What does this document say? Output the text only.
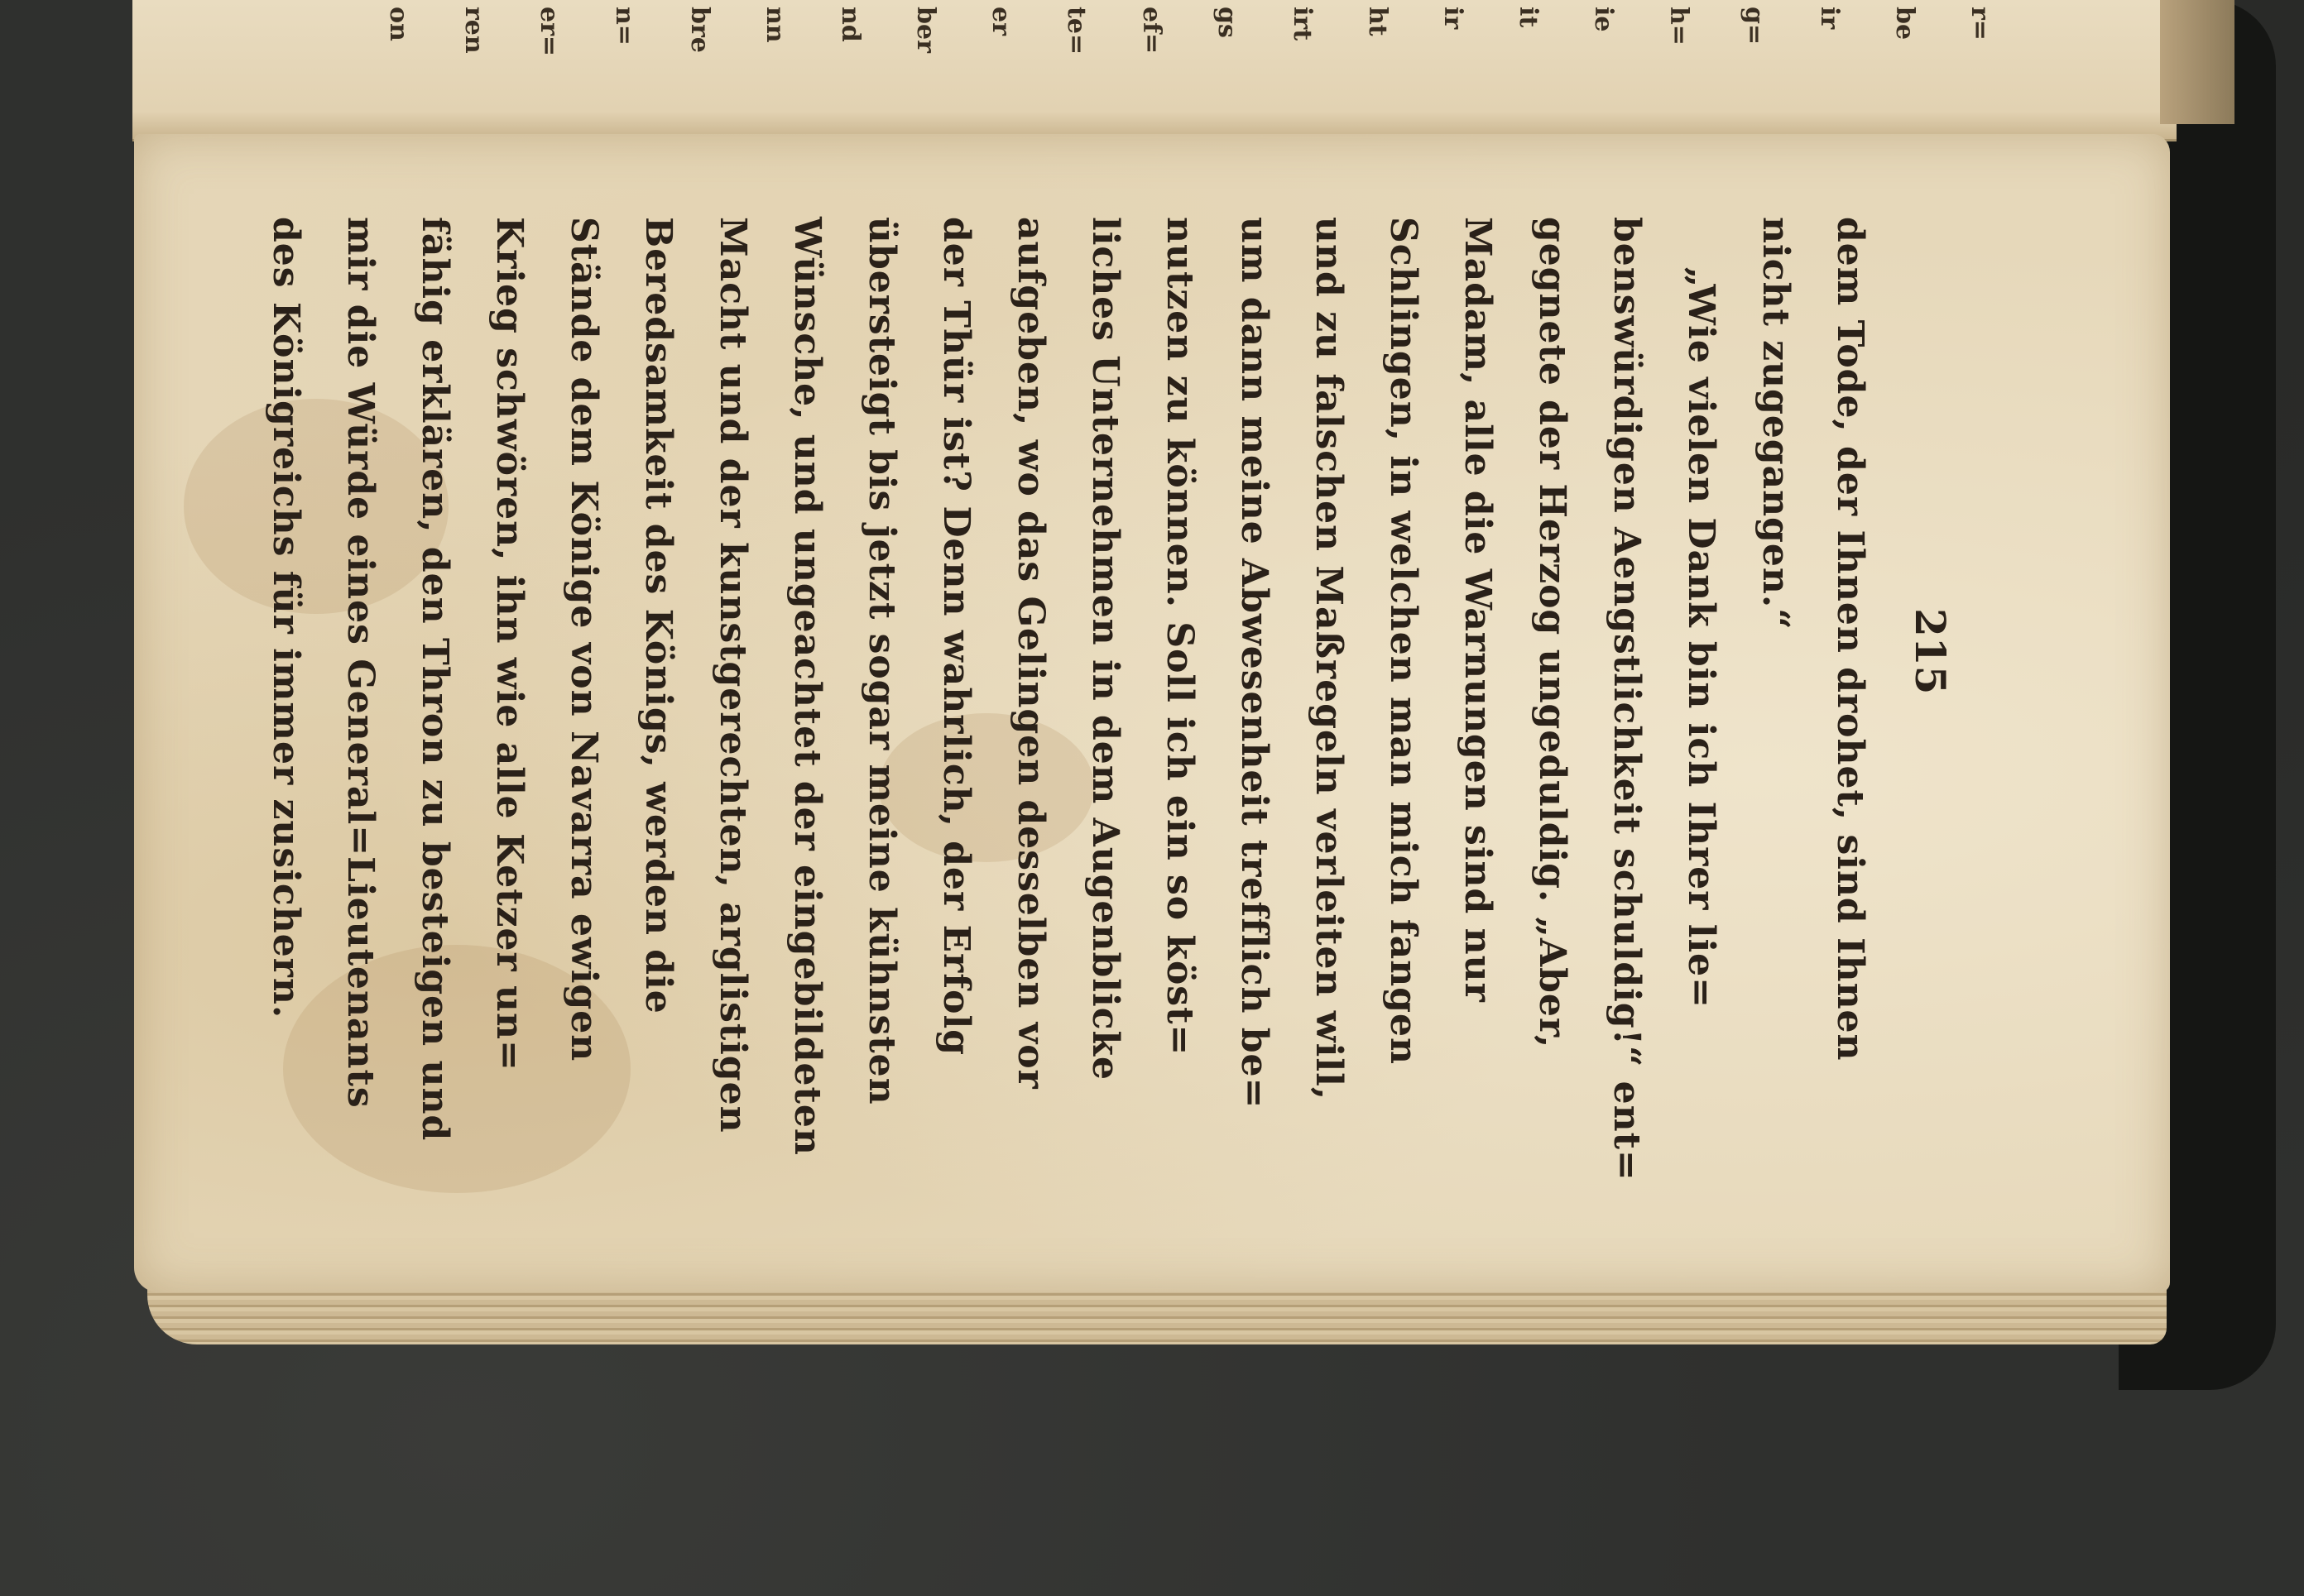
r=
be
ir
g=
h=
ie
it
ir
ht
irt
gs
ef=
te=
er
ber
nd
nn
bre
n=
er=
ren
on
dem Tode, der Ihnen drohet, sind Ihnen
nicht zugegangen.“
„Wie vielen Dank bin ich Ihrer lie=
benswürdigen Aengstlichkeit schuldig!“ ent=
gegnete der Herzog ungeduldig. „Aber,
Madam, alle die Warnungen sind nur
Schlingen, in welchen man mich fangen
und zu falschen Maßregeln verleiten will,
um dann meine Abwesenheit trefflich be=
nutzen zu können. Soll ich ein so köst=
liches Unternehmen in dem Augenblicke
aufgeben, wo das Gelingen desselben vor
der Thür ist? Denn wahrlich, der Erfolg
übersteigt bis jetzt sogar meine kühnsten
Wünsche, und ungeachtet der eingebildeten
Macht und der kunstgerechten, arglistigen
Beredsamkeit des Königs, werden die
Stände dem Könige von Navarra ewigen
Krieg schwören, ihn wie alle Ketzer un=
fähig erklären, den Thron zu besteigen und
mir die Würde eines General=Lieutenants
des Königreichs für immer zusichern.	215
